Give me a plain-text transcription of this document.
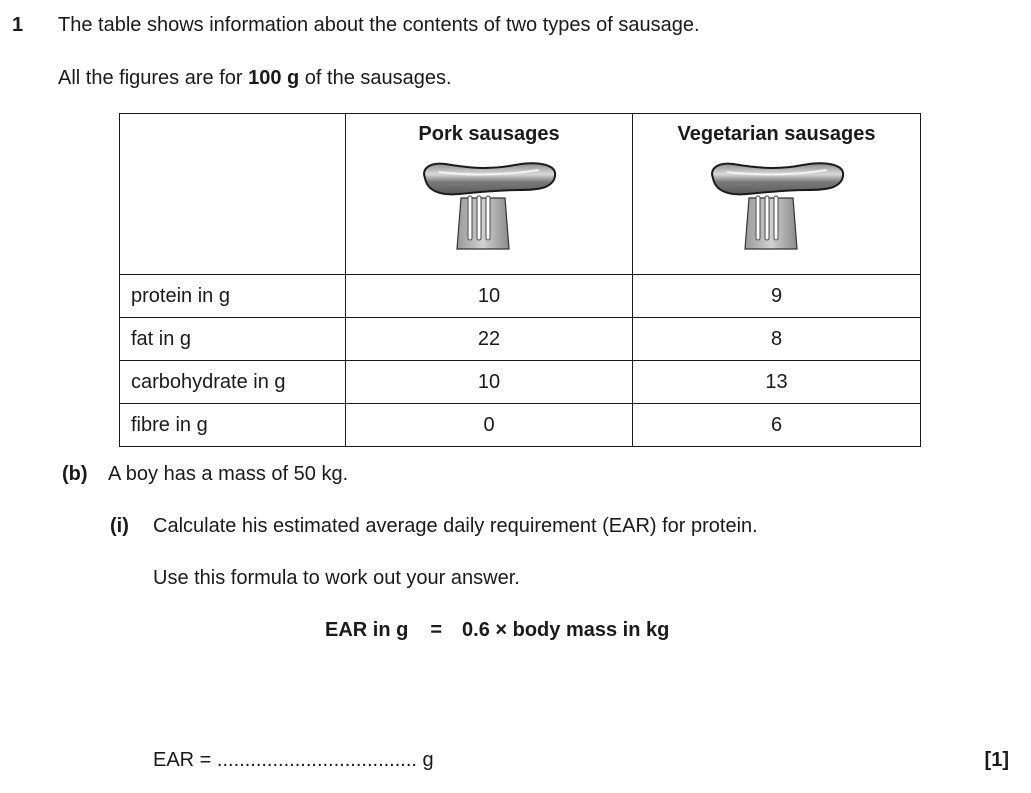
1 The table shows information about the contents of two types of sausage.
All the figures are for 100 g of the sausages.

	Pork sausages	Vegetarian sausages

protein in g	10	9
fat in g	22	8
carbohydrate in g	10	13
fibre in g	0	6
(b) A boy has a mass of 50 kg.
(i) Calculate his estimated average daily requirement (EAR) for protein.
Use this formula to work out your answer.
EAR in g = 0.6 × body mass in kg
EAR = .................................... g	[1]
